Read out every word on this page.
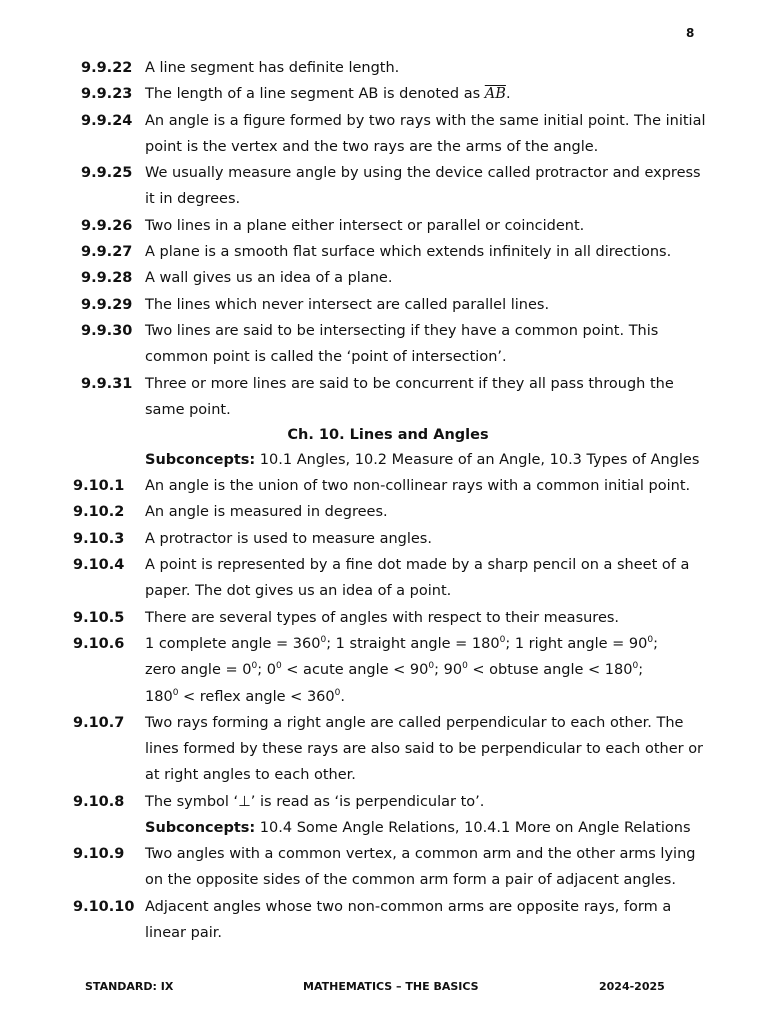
8
9.9.22 A line segment has definite length.
9.9.23 The length of a line segment AB is denoted as $\overline{AB}$.
9.9.24 An angle is a figure formed by two rays with the same initial point. The initial point is the vertex and the two rays are the arms of the angle.
9.9.25 We usually measure angle by using the device called protractor and express it in degrees.
9.9.26 Two lines in a plane either intersect or parallel or coincident.
9.9.27 A plane is a smooth flat surface which extends infinitely in all directions.
9.9.28 A wall gives us an idea of a plane.
9.9.29 The lines which never intersect are called parallel lines.
9.9.30 Two lines are said to be intersecting if they have a common point. This common point is called the ‘point of intersection’.
9.9.31 Three or more lines are said to be concurrent if they all pass through the same point.
Ch. 10. Lines and Angles
Subconcepts: 10.1 Angles, 10.2 Measure of an Angle, 10.3 Types of Angles
9.10.1 An angle is the union of two non-collinear rays with a common initial point.
9.10.2 An angle is measured in degrees.
9.10.3 A protractor is used to measure angles.
9.10.4 A point is represented by a fine dot made by a sharp pencil on a sheet of a paper. The dot gives us an idea of a point.
9.10.5 There are several types of angles with respect to their measures.
9.10.6 1 complete angle = $360^0$; 1 straight angle = $180^0$; 1 right angle = $90^0$;
zero angle = $0^0$; $0^0$ < acute angle < $90^0$; $90^0$ < obtuse angle < $180^0$;
$180^0$ < reflex angle < $360^0$.
9.10.7 Two rays forming a right angle are called perpendicular to each other. The lines formed by these rays are also said to be perpendicular to each other or at right angles to each other.
9.10.8 The symbol ‘⊥’ is read as ‘is perpendicular to’.
Subconcepts: 10.4 Some Angle Relations, 10.4.1 More on Angle Relations
9.10.9 Two angles with a common vertex, a common arm and the other arms lying on the opposite sides of the common arm form a pair of adjacent angles.
9.10.10 Adjacent angles whose two non-common arms are opposite rays, form a linear pair.
STANDARD: IX	MATHEMATICS – THE BASICS	2024-2025
